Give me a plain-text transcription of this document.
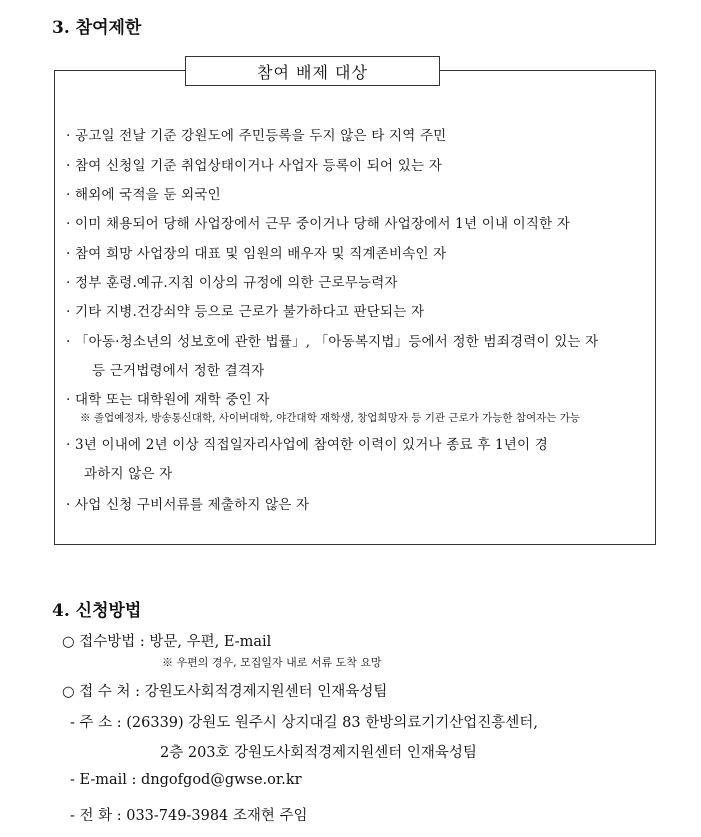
3. 참여제한
참여 배제 대상
· 공고일 전날 기준 강원도에 주민등록을 두지 않은 타 지역 주민
· 참여 신청일 기준 취업상태이거나 사업자 등록이 되어 있는 자
· 해외에 국적을 둔 외국인
· 이미 채용되어 당해 사업장에서 근무 중이거나 당해 사업장에서 1년 이내 이직한 자
· 참여 희망 사업장의 대표 및 임원의 배우자 및 직계존비속인 자
· 정부 훈령.예규.지침 이상의 규정에 의한 근로무능력자
· 기타 지병.건강쇠약 등으로 근로가 불가하다고 판단되는 자
· 「아동·청소년의 성보호에 관한 법률」, 「아동복지법」등에서 정한 범죄경력이 있는 자
등 근거법령에서 정한 결격자
· 대학 또는 대학원에 재학 중인 자
※ 졸업예정자, 방송통신대학, 사이버대학, 야간대학 재학생, 창업희망자 등 기관 근로가 가능한 참여자는 가능
· 3년 이내에 2년 이상 직접일자리사업에 참여한 이력이 있거나 종료 후 1년이 경
과하지 않은 자
· 사업 신청 구비서류를 제출하지 않은 자
4. 신청방법
○ 접수방법 : 방문, 우편, E-mail
※ 우편의 경우, 모집일자 내로 서류 도착 요망
○ 접 수 처 : 강원도사회적경제지원센터 인재육성팀
- 주 소 : (26339) 강원도 원주시 상지대길 83 한방의료기기산업진흥센터,
2층 203호 강원도사회적경제지원센터 인재육성팀
- E-mail : dngofgod@gwse.or.kr
- 전 화 : 033-749-3984 조재현 주임
